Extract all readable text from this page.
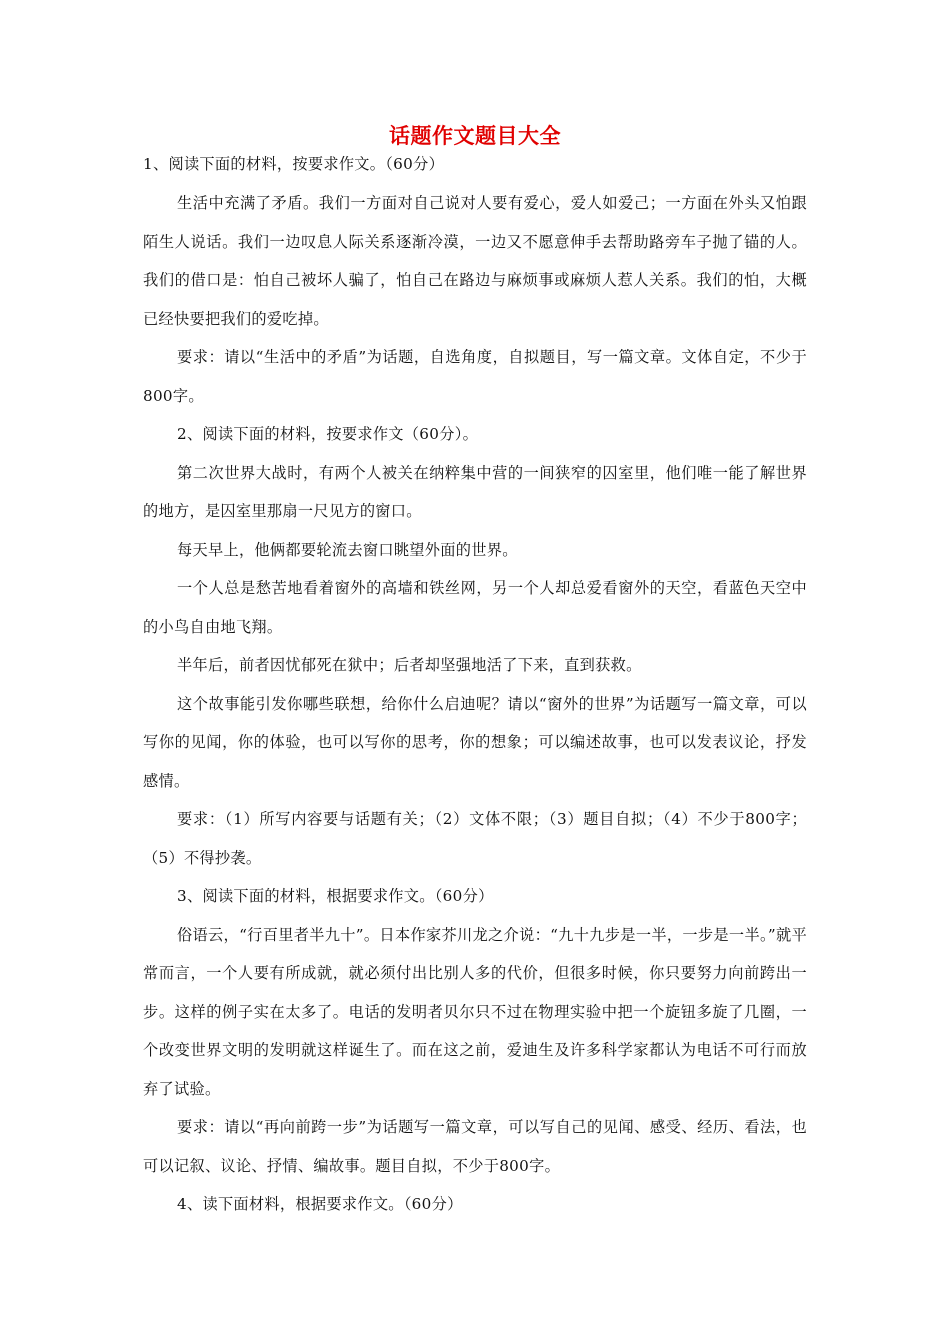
话题作文题目大全

1、阅读下面的材料，按要求作文。（60分）

生活中充满了矛盾。我们一方面对自己说对人要有爱心，爱人如爱己；一方面在外头又怕跟陌生人说话。我们一边叹息人际关系逐渐冷漠，一边又不愿意伸手去帮助路旁车子抛了锚的人。我们的借口是：怕自己被坏人骗了，怕自己在路边与麻烦事或麻烦人惹人关系。我们的怕，大概已经快要把我们的爱吃掉。

要求：请以“生活中的矛盾”为话题，自选角度，自拟题目，写一篇文章。文体自定，不少于800字。

2、阅读下面的材料，按要求作文（60分）。

第二次世界大战时，有两个人被关在纳粹集中营的一间狭窄的囚室里，他们唯一能了解世界的地方，是囚室里那扇一尺见方的窗口。

每天早上，他俩都要轮流去窗口眺望外面的世界。

一个人总是愁苦地看着窗外的高墙和铁丝网，另一个人却总爱看窗外的天空，看蓝色天空中的小鸟自由地飞翔。

半年后，前者因忧郁死在狱中；后者却坚强地活了下来，直到获救。

这个故事能引发你哪些联想，给你什么启迪呢？请以“窗外的世界”为话题写一篇文章，可以写你的见闻，你的体验，也可以写你的思考，你的想象；可以编述故事，也可以发表议论，抒发感情。

要求：（1）所写内容要与话题有关；（2）文体不限；（3）题目自拟；（4）不少于800字；（5）不得抄袭。

3、阅读下面的材料，根据要求作文。（60分）

俗语云，“行百里者半九十”。日本作家芥川龙之介说：“九十九步是一半，一步是一半。”就平常而言，一个人要有所成就，就必须付出比别人多的代价，但很多时候，你只要努力向前跨出一步。这样的例子实在太多了。电话的发明者贝尔只不过在物理实验中把一个旋钮多旋了几圈，一个改变世界文明的发明就这样诞生了。而在这之前，爱迪生及许多科学家都认为电话不可行而放弃了试验。

要求：请以“再向前跨一步”为话题写一篇文章，可以写自己的见闻、感受、经历、看法，也可以记叙、议论、抒情、编故事。题目自拟，不少于800字。

4、读下面材料，根据要求作文。（60分）
